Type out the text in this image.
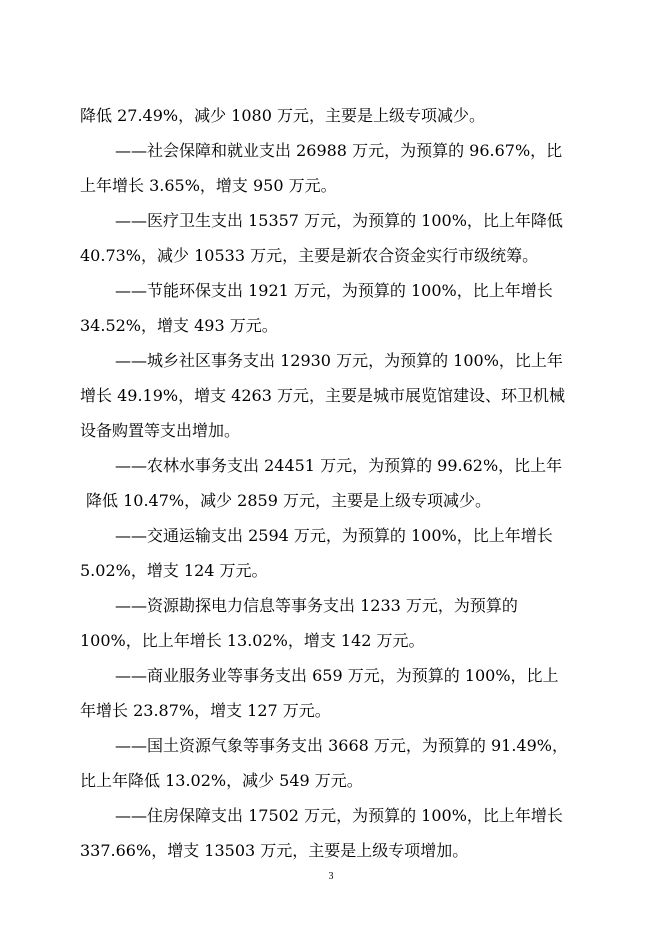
降低 27.49%，减少 1080 万元，主要是上级专项减少。
——社会保障和就业支出 26988 万元，为预算的 96.67%，比
上年增长 3.65%，增支 950 万元。
——医疗卫生支出 15357 万元，为预算的 100%，比上年降低
40.73%，减少 10533 万元，主要是新农合资金实行市级统筹。
——节能环保支出 1921 万元，为预算的 100%，比上年增长
34.52%，增支 493 万元。
——城乡社区事务支出 12930 万元，为预算的 100%，比上年
增长 49.19%，增支 4263 万元，主要是城市展览馆建设、环卫机械
设备购置等支出增加。
——农林水事务支出 24451 万元，为预算的 99.62%，比上年
降低 10.47%，减少 2859 万元，主要是上级专项减少。
——交通运输支出 2594 万元，为预算的 100%，比上年增长
5.02%，增支 124 万元。
——资源勘探电力信息等事务支出 1233 万元，为预算的
100%，比上年增长 13.02%，增支 142 万元。
——商业服务业等事务支出 659 万元，为预算的 100%，比上
年增长 23.87%，增支 127 万元。
——国土资源气象等事务支出 3668 万元，为预算的 91.49%，
比上年降低 13.02%，减少 549 万元。
——住房保障支出 17502 万元，为预算的 100%，比上年增长
337.66%，增支 13503 万元，主要是上级专项增加。
3
